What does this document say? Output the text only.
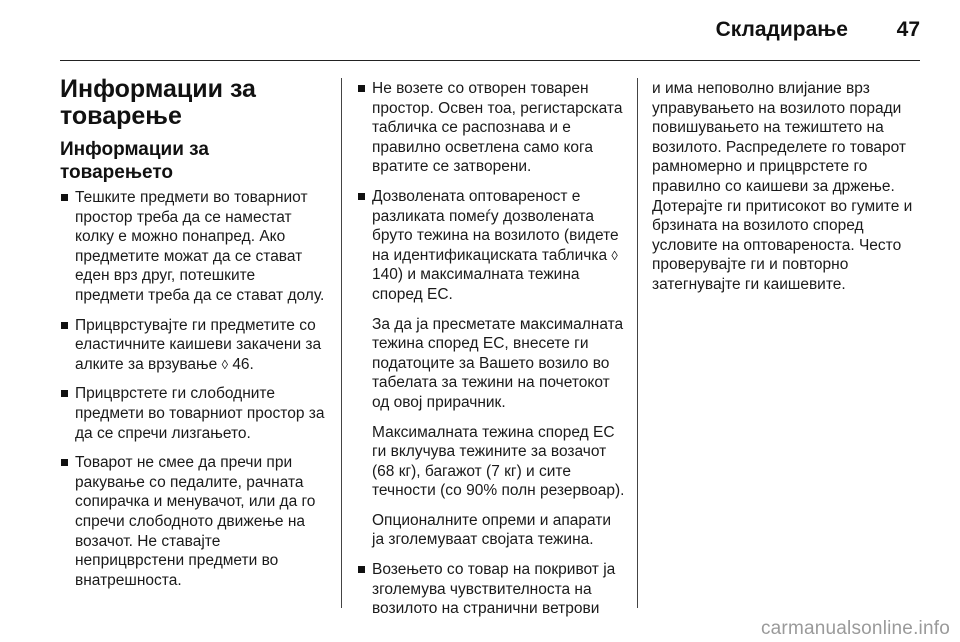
Складирање 47
Информации за товарење
Информации за товарењето
Тешките предмети во товарниот простор треба да се наместат колку е можно понапред. Ако предметите можат да се стават еден врз друг, потешките предмети треба да се стават долу.
Прицврстувајте ги предметите со еластичните каишеви закачени за алките за врзување ◊ 46.
Прицврстете ги слободните предмети во товарниот простор за да се спречи лизгањето.
Товарот не смее да пречи при ракување со педалите, рачната сопирачка и менувачот, или да го спречи слободното движење на возачот. Не ставајте неприцврстени предмети во внатрешноста.
Не возете со отворен товарен простор. Освен тоа, регистарската табличка се распознава и е правилно осветлена само кога вратите се затворени.
Дозволената оптовареност е разликата помеѓу дозволената бруто тежина на возилото (видете на идентификациската табличка ◊ 140) и максималната тежина според ЕС.

За да ја пресметате максималната тежина според ЕС, внесете ги податоците за Вашето возило во табелата за тежини на почетокот од овој прирачник.

Максималната тежина според ЕС ги вклучува тежините за возачот (68 кг), багажот (7 кг) и сите течности (со 90% полн резервоар).

Опционалните опреми и апарати ја зголемуваат својата тежина.

Возењето со товар на покривот ја зголемува чувствителноста на возилото на странични ветрови

и има неповолно влијание врз управувањето на возилото поради повишувањето на тежиштето на возилото. Распределете го товарот рамномерно и прицврстете го правилно со каишеви за држење. Дотерајте ги притисокот во гумите и брзината на возилото според условите на оптовареноста. Често проверувајте ги и повторно затегнувајте ги каишевите.

carmanualsonline.info
